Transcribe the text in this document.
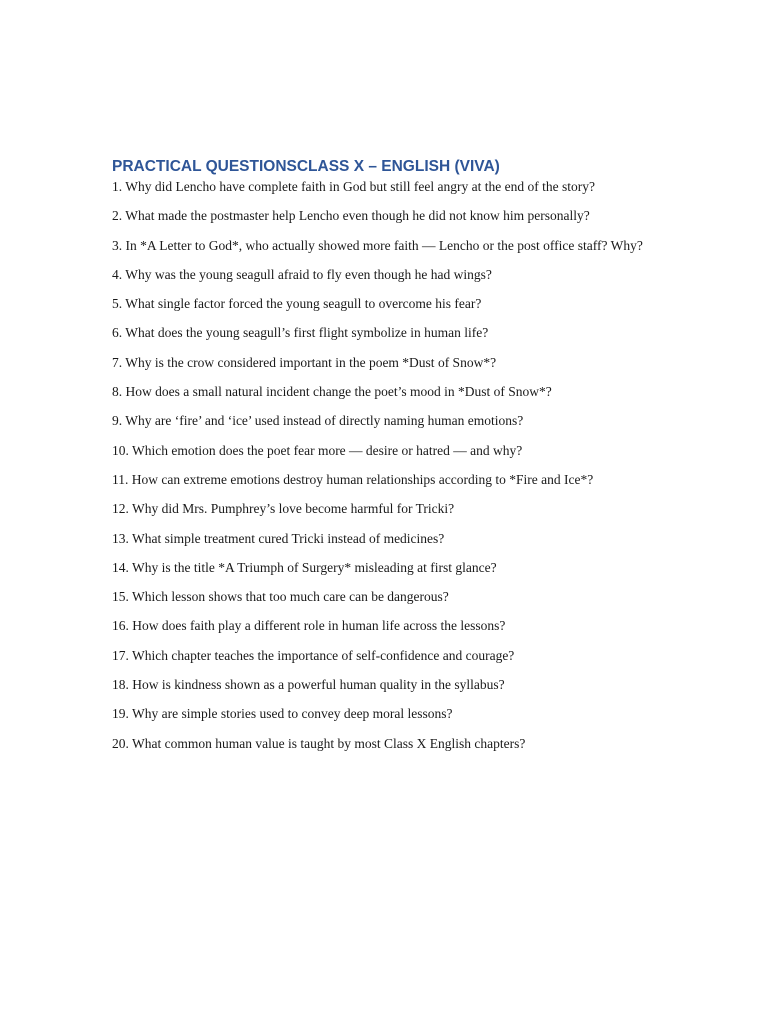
PRACTICAL QUESTIONSCLASS X – ENGLISH (VIVA)
1. Why did Lencho have complete faith in God but still feel angry at the end of the story?
2. What made the postmaster help Lencho even though he did not know him personally?
3. In *A Letter to God*, who actually showed more faith — Lencho or the post office staff? Why?
4. Why was the young seagull afraid to fly even though he had wings?
5. What single factor forced the young seagull to overcome his fear?
6. What does the young seagull’s first flight symbolize in human life?
7. Why is the crow considered important in the poem *Dust of Snow*?
8. How does a small natural incident change the poet’s mood in *Dust of Snow*?
9. Why are ‘fire’ and ‘ice’ used instead of directly naming human emotions?
10. Which emotion does the poet fear more — desire or hatred — and why?
11. How can extreme emotions destroy human relationships according to *Fire and Ice*?
12. Why did Mrs. Pumphrey’s love become harmful for Tricki?
13. What simple treatment cured Tricki instead of medicines?
14. Why is the title *A Triumph of Surgery* misleading at first glance?
15. Which lesson shows that too much care can be dangerous?
16. How does faith play a different role in human life across the lessons?
17. Which chapter teaches the importance of self-confidence and courage?
18. How is kindness shown as a powerful human quality in the syllabus?
19. Why are simple stories used to convey deep moral lessons?
20. What common human value is taught by most Class X English chapters?
